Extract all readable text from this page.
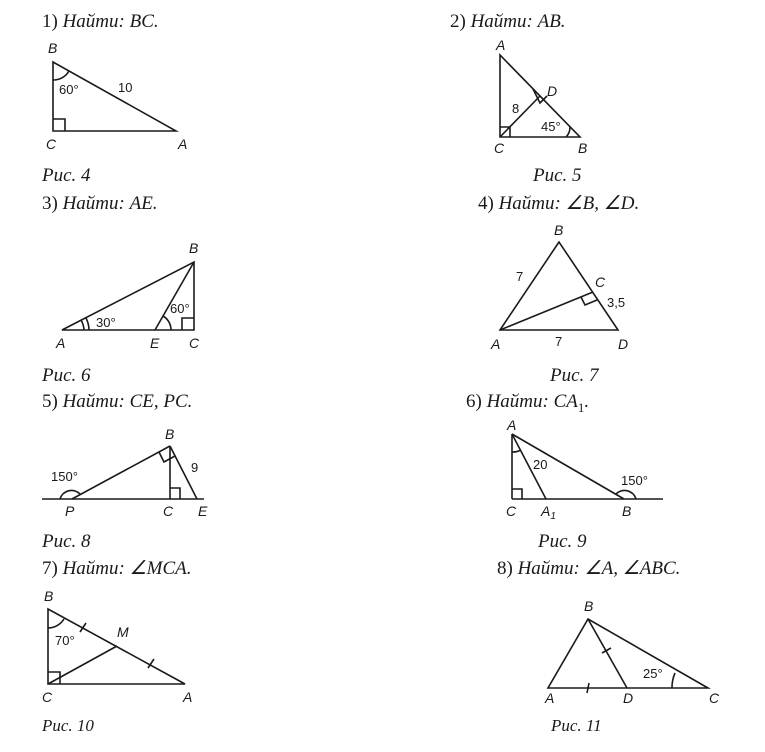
1) Найти: BC.
B
C	A
60°	10
Рис. 4
2) Найти: AB.
A
D
C	B
8
45°
Рис. 5
3) Найти: AE.
B
A	E C
30°
60°
Рис. 6
4) Найти: ∠B, ∠D.
B
C
A	D
7
7
3,5
Рис. 7
5) Найти: CE, PC.
B
P	C E
150°
9
Рис. 8
6) Найти: $CA_1$.
A
C $A_1$	B
20
150°
Рис. 9
7) Найти: ∠MCA.
B
M
C	A
70°
Рис. 10
8) Найти: ∠A, ∠ABC.
B
A	D	C
25°
Рис. 11
